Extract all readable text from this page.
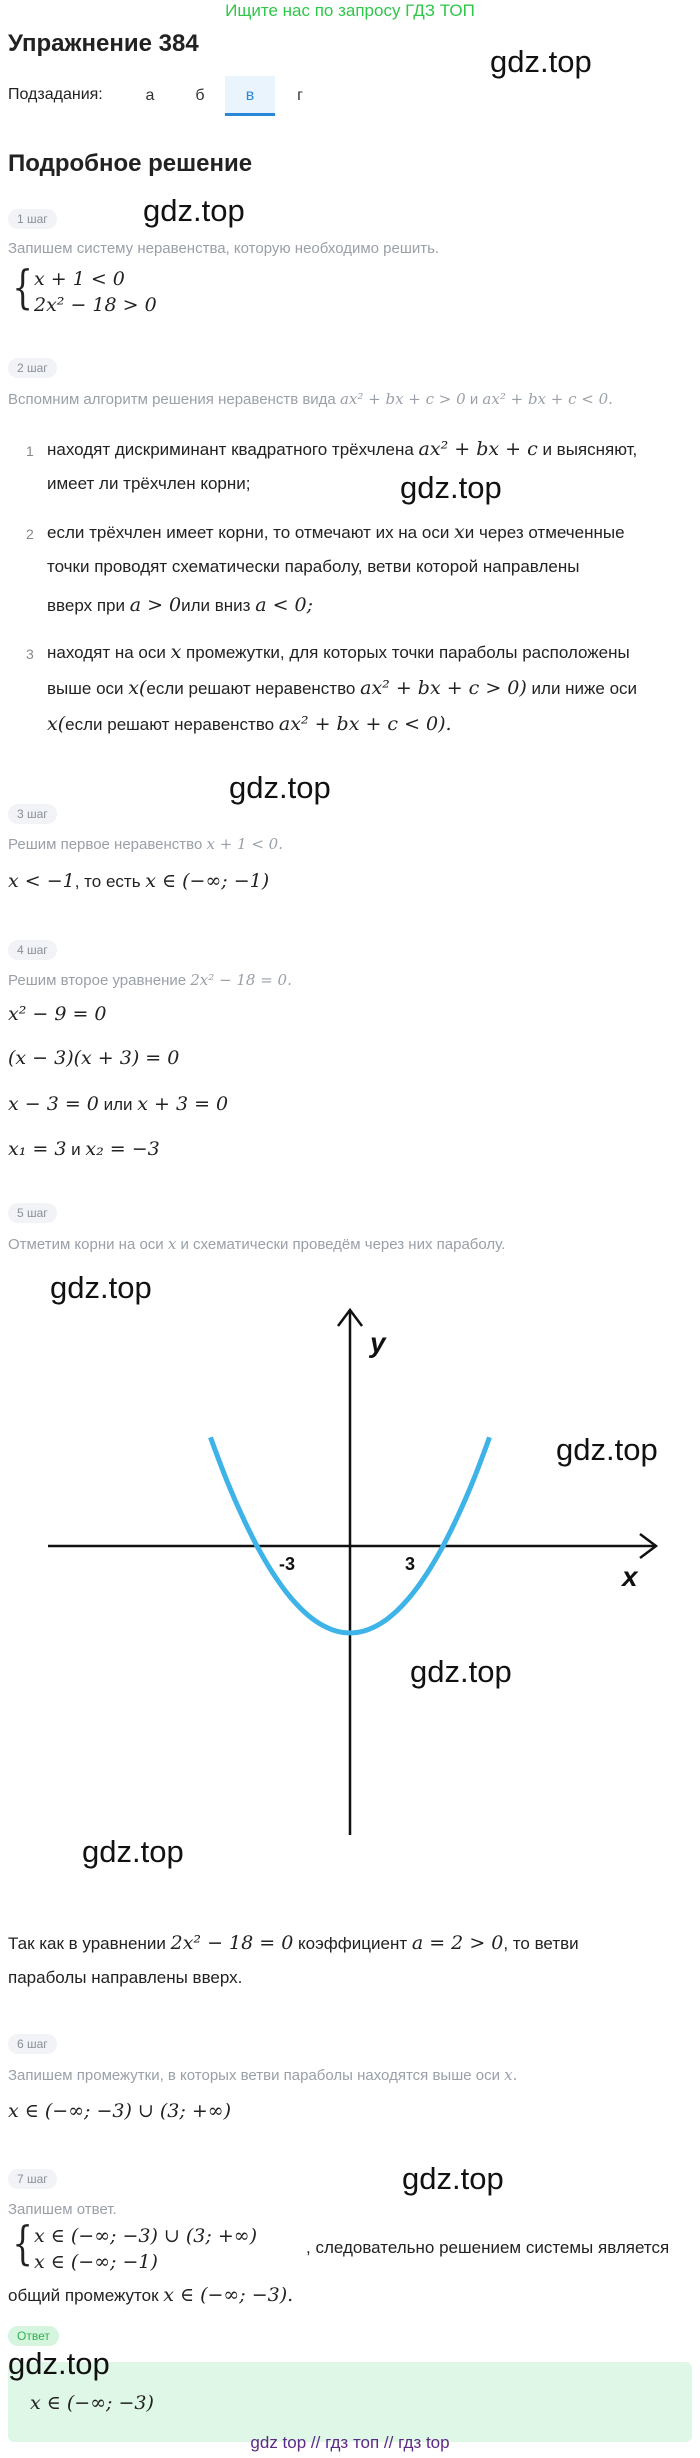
Ищите нас по запросу ГДЗ ТОП
Упражнение 384
gdz.top
Подзадания:	а	б	в	г
Подробное решение
gdz.top
1 шаг
Запишем систему неравенства, которую необходимо решить.
{ x + 1 < 0
2x² − 18 > 0
2 шаг
Вспомним алгоритм решения неравенств вида ax² + bx + c > 0 и ax² + bx + c < 0.
1 находят дискриминант квадратного трёхчлена ax² + bx + c и выясняют,
имеет ли трёхчлен корни;	gdz.top
2 если трёхчлен имеет корни, то отмечают их на оси xи через отмеченные
точки проводят схематически параболу, ветви которой направлены
вверх при a > 0или вниз a < 0;
3 находят на оси x промежутки, для которых точки параболы расположены
выше оси x(если решают неравенство ax² + bx + c > 0) или ниже оси
x(если решают неравенство ax² + bx + c < 0).
gdz.top
3 шаг
Решим первое неравенство x + 1 < 0.
x < −1, то есть x ∈ (−∞; −1)
4 шаг
Решим второе уравнение 2x² − 18 = 0.
x² − 9 = 0
(x − 3)(x + 3) = 0
x − 3 = 0 или x + 3 = 0
x₁ = 3 и x₂ = −3
5 шаг
Отметим корни на оси x и схематически проведём через них параболу.
gdz.top
gdz.top
gdz.top
gdz.top
y
x
-3	3
Так как в уравнении 2x² − 18 = 0 коэффициент a = 2 > 0, то ветви
параболы направлены вверх.
6 шаг
Запишем промежутки, в которых ветви параболы находятся выше оси x.
x ∈ (−∞; −3) ∪ (3; +∞)
gdz.top
7 шаг
Запишем ответ.
{ x ∈ (−∞; −3) ∪ (3; +∞)
x ∈ (−∞; −1)
, следовательно решением системы является
общий промежуток x ∈ (−∞; −3).
Ответ
gdz.top
x ∈ (−∞; −3)
gdz top // гдз топ // гдз top
